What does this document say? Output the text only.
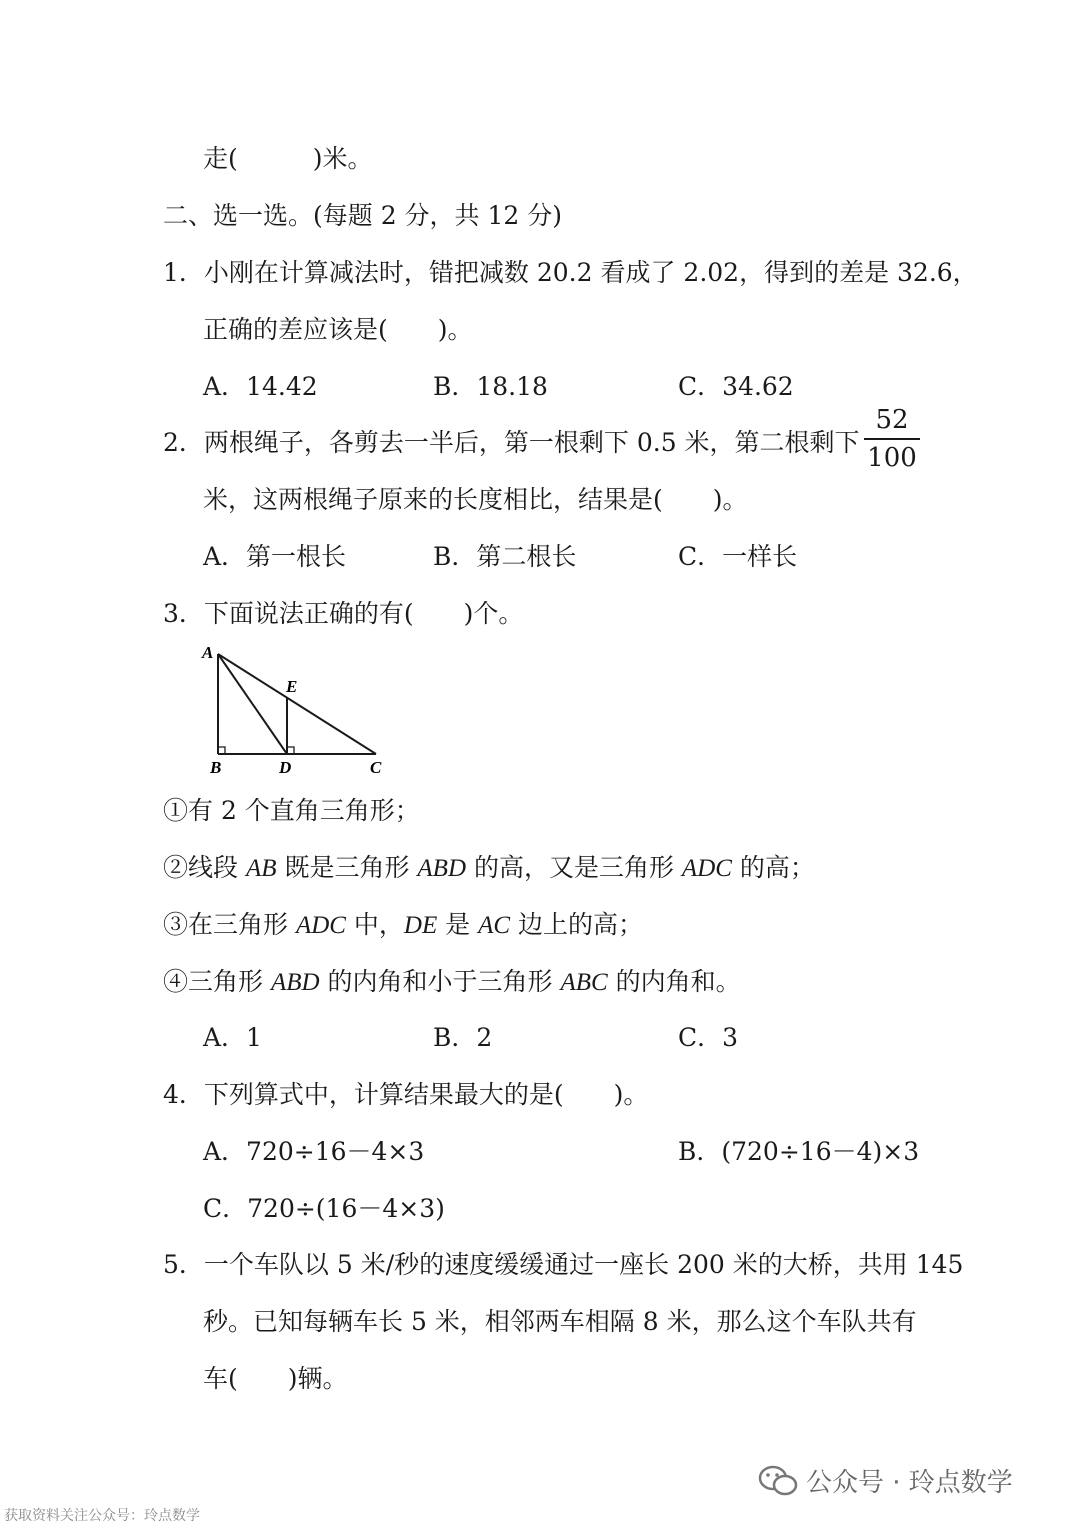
走(　　　)米。
二、选一选。(每题 2 分，共 12 分)
1．小刚在计算减法时，错把减数 20.2 看成了 2.02，得到的差是 32.6，
正确的差应该是(　　)。
A．14.42	B．18.18	C．34.62
2．两根绳子，各剪去一半后，第一根剩下 0.5 米，第二根剩下
52
100
米，这两根绳子原来的长度相比，结果是(　　)。
A．第一根长	B．第二根长	C．一样长
3．下面说法正确的有(　　)个。
A
E
B	D	C
①有 2 个直角三角形；
②线段 AB 既是三角形 ABD 的高，又是三角形 ADC 的高；
③在三角形 ADC 中，DE 是 AC 边上的高；
④三角形 ABD 的内角和小于三角形 ABC 的内角和。
A．1	B．2	C．3
4．下列算式中，计算结果最大的是(　　)。
A．720÷16－4×3	B．(720÷16－4)×3
C．720÷(16－4×3)
5．一个车队以 5 米/秒的速度缓缓通过一座长 200 米的大桥，共用 145
秒。已知每辆车长 5 米，相邻两车相隔 8 米，那么这个车队共有
车(　　)辆。
公众号 · 玲点数学
获取资料关注公众号：玲点数学
